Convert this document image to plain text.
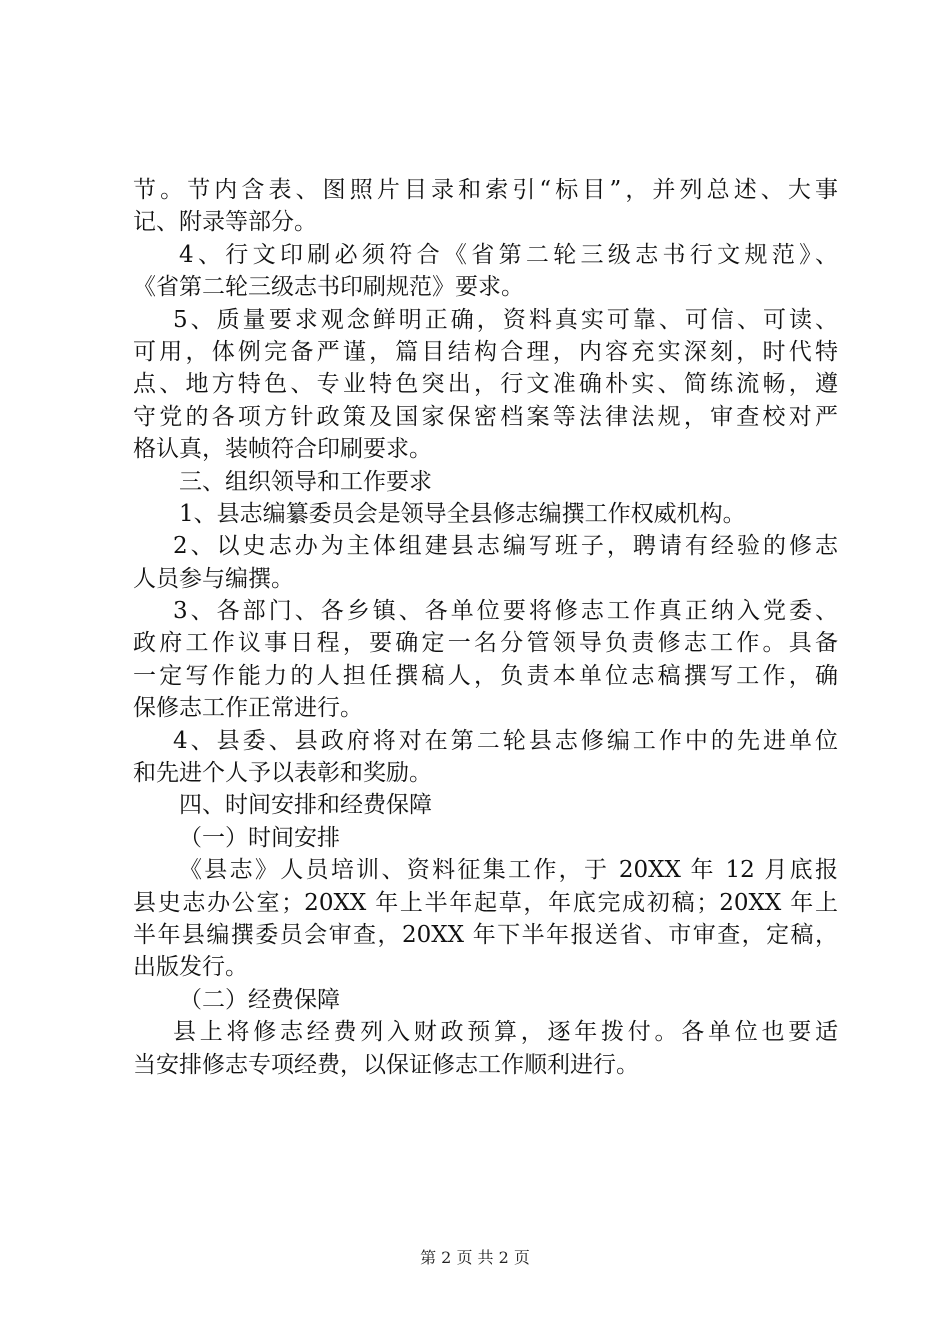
节。节内含表、图照片目录和索引“标目”，并列总述、大事
记、附录等部分。
4、行文印刷必须符合《省第二轮三级志书行文规范》、
《省第二轮三级志书印刷规范》要求。
5、质量要求观念鲜明正确，资料真实可靠、可信、可读、
可用，体例完备严谨，篇目结构合理，内容充实深刻，时代特
点、地方特色、专业特色突出，行文准确朴实、简练流畅，遵
守党的各项方针政策及国家保密档案等法律法规，审查校对严
格认真，装帧符合印刷要求。
三、组织领导和工作要求
1、县志编纂委员会是领导全县修志编撰工作权威机构。
2、以史志办为主体组建县志编写班子，聘请有经验的修志
人员参与编撰。
3、各部门、各乡镇、各单位要将修志工作真正纳入党委、
政府工作议事日程，要确定一名分管领导负责修志工作。具备
一定写作能力的人担任撰稿人，负责本单位志稿撰写工作，确
保修志工作正常进行。
4、县委、县政府将对在第二轮县志修编工作中的先进单位
和先进个人予以表彰和奖励。
四、时间安排和经费保障
（一）时间安排
《县志》人员培训、资料征集工作，于 20XX 年 12 月底报
县史志办公室；20XX 年上半年起草，年底完成初稿；20XX 年上
半年县编撰委员会审查，20XX 年下半年报送省、市审查，定稿，
出版发行。
（二）经费保障
县上将修志经费列入财政预算，逐年拨付。各单位也要适
当安排修志专项经费，以保证修志工作顺利进行。
第 2 页 共 2 页
